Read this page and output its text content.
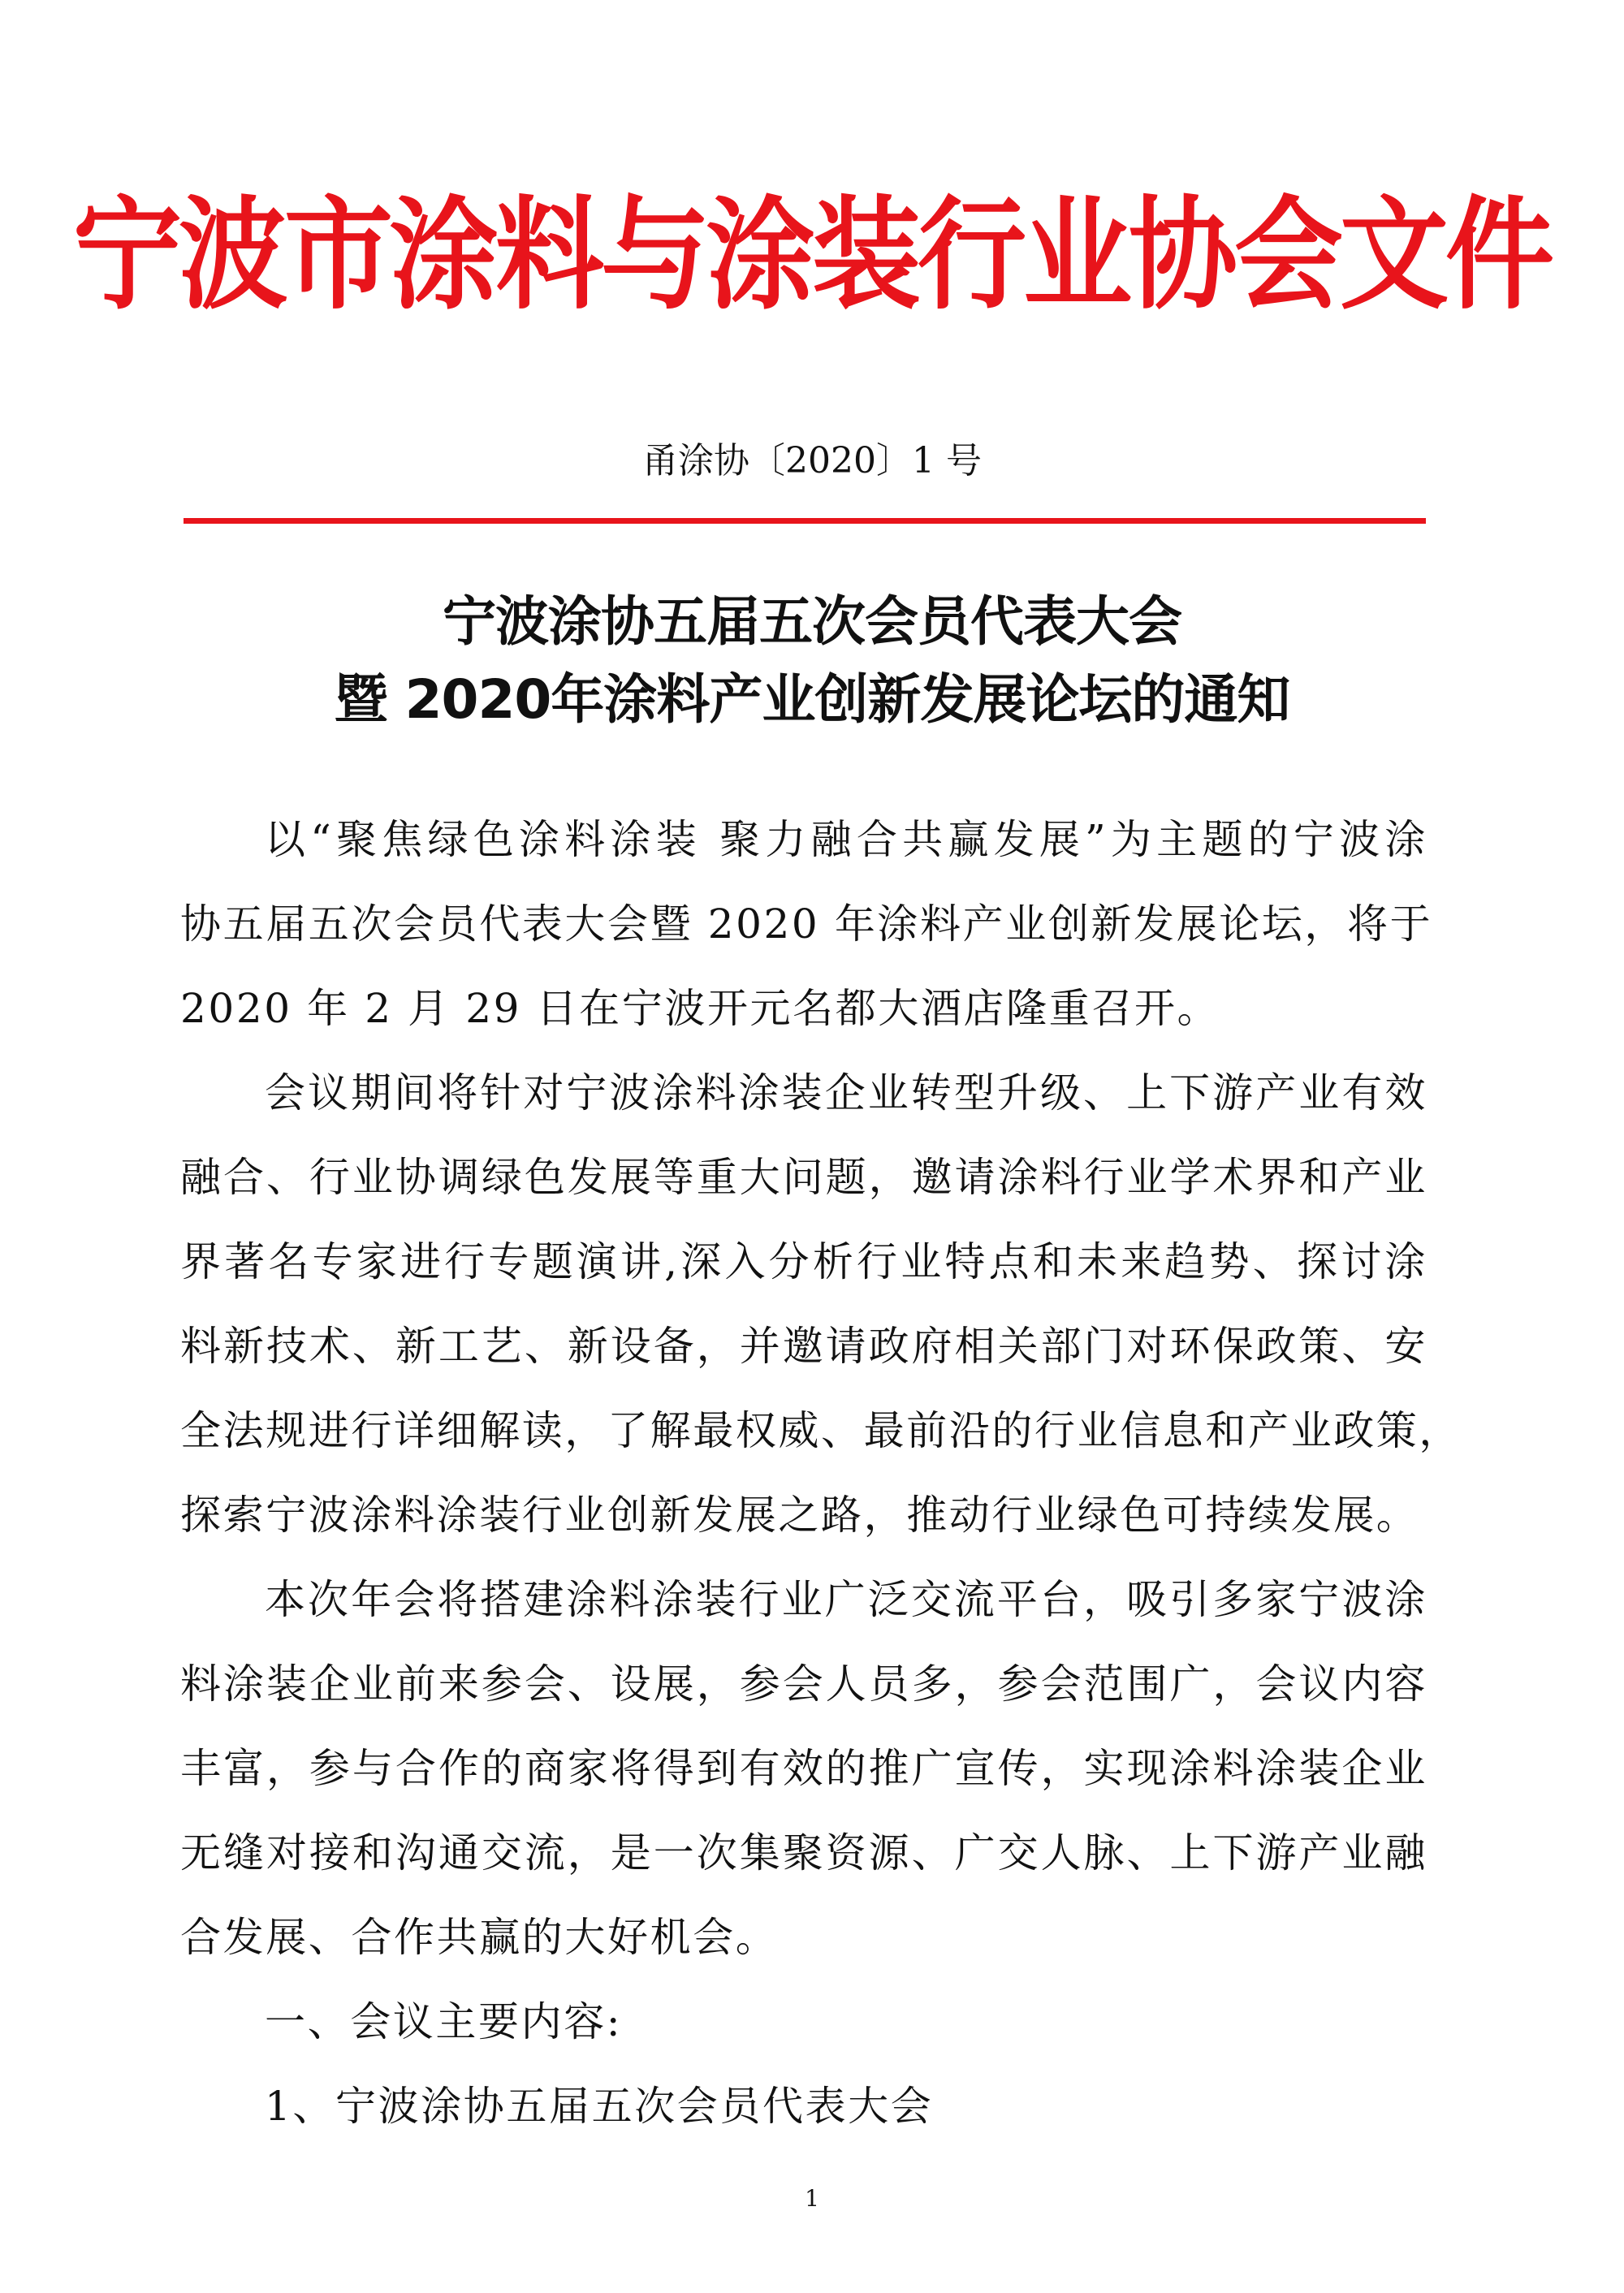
宁波市涂料与涂装行业协会文件
甬涂协〔2020〕1 号
宁波涂协五届五次会员代表大会
暨 2020年涂料产业创新发展论坛的通知
以“聚焦绿色涂料涂装 聚力融合共赢发展”为主题的宁波涂
协五届五次会员代表大会暨 2020 年涂料产业创新发展论坛，将于
2020 年 2 月 29 日在宁波开元名都大酒店隆重召开。
会议期间将针对宁波涂料涂装企业转型升级、上下游产业有效
融合、行业协调绿色发展等重大问题，邀请涂料行业学术界和产业
界著名专家进行专题演讲,深入分析行业特点和未来趋势、探讨涂
料新技术、新工艺、新设备，并邀请政府相关部门对环保政策、安
全法规进行详细解读，了解最权威、最前沿的行业信息和产业政策，
探索宁波涂料涂装行业创新发展之路，推动行业绿色可持续发展。
本次年会将搭建涂料涂装行业广泛交流平台，吸引多家宁波涂
料涂装企业前来参会、设展，参会人员多，参会范围广，会议内容
丰富，参与合作的商家将得到有效的推广宣传，实现涂料涂装企业
无缝对接和沟通交流，是一次集聚资源、广交人脉、上下游产业融
合发展、合作共赢的大好机会。
一、会议主要内容:
1、宁波涂协五届五次会员代表大会
1
